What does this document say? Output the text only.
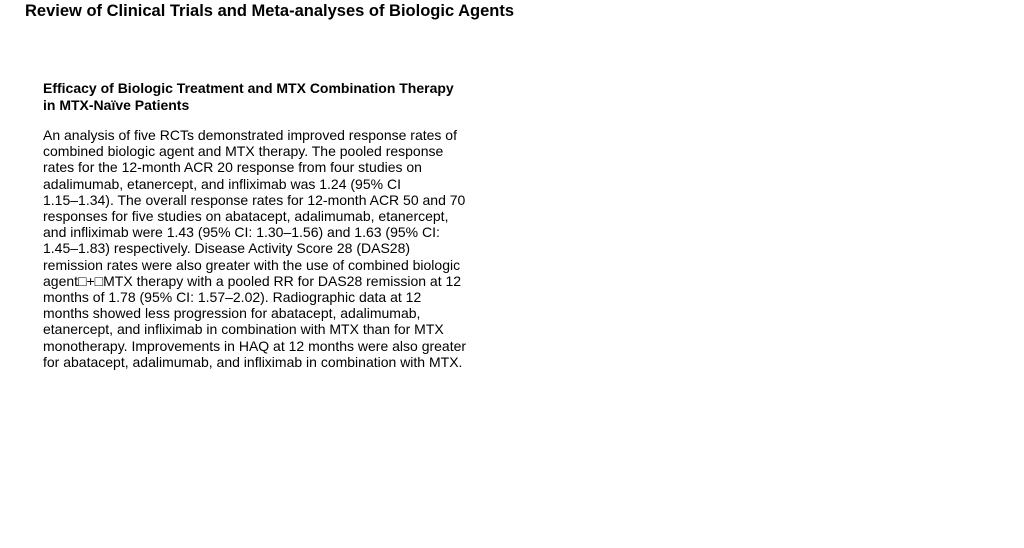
Review of Clinical Trials and Meta-analyses of Biologic Agents
Efficacy of Biologic Treatment and MTX Combination Therapy
in MTX-Naïve Patients
An analysis of five RCTs demonstrated improved response rates of
combined biologic agent and MTX therapy. The pooled response
rates for the 12-month ACR 20 response from four studies on
adalimumab, etanercept, and infliximab was 1.24 (95% CI
1.15–1.34). The overall response rates for 12-month ACR 50 and 70
responses for five studies on abatacept, adalimumab, etanercept,
and infliximab were 1.43 (95% CI: 1.30–1.56) and 1.63 (95% CI:
1.45–1.83) respectively. Disease Activity Score 28 (DAS28)
remission rates were also greater with the use of combined biologic
agent□+□MTX therapy with a pooled RR for DAS28 remission at 12
months of 1.78 (95% CI: 1.57–2.02). Radiographic data at 12
months showed less progression for abatacept, adalimumab,
etanercept, and infliximab in combination with MTX than for MTX
monotherapy. Improvements in HAQ at 12 months were also greater
for abatacept, adalimumab, and infliximab in combination with MTX.
